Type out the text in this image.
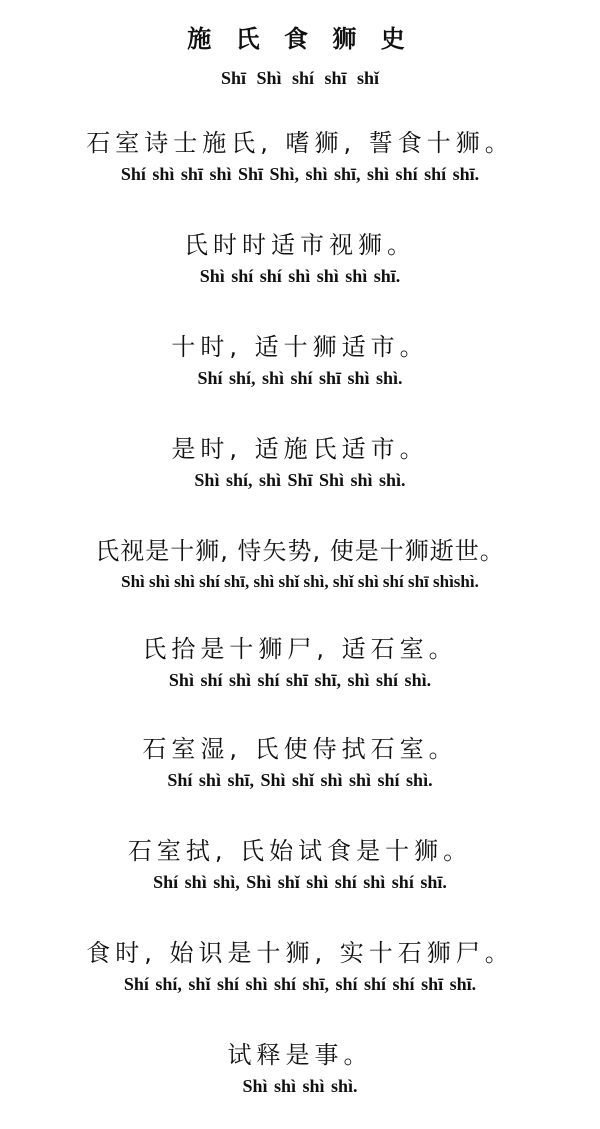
施 氏 食 狮 史
Shī Shì shí shī shǐ
石室诗士施氏, 嗜狮, 誓食十狮。
Shí shì shī shì Shī Shì, shì shī, shì shí shí shī.
氏时时适市视狮。
Shì shí shí shì shì shì shī.
十时, 适十狮适市。
Shí shí, shì shí shī shì shì.
是时, 适施氏适市。
Shì shí, shì Shī Shì shì shì.
氏视是十狮, 恃矢势, 使是十狮逝世。
Shì shì shì shí shī, shì shǐ shì, shǐ shì shí shī shìshì.
氏拾是十狮尸, 适石室。
Shì shí shì shí shī shī, shì shí shì.
石室湿, 氏使侍拭石室。
Shí shì shī, Shì shǐ shì shì shí shì.
石室拭, 氏始试食是十狮。
Shí shì shì, Shì shǐ shì shí shì shí shī.
食时, 始识是十狮, 实十石狮尸。
Shí shí, shǐ shí shì shí shī, shí shí shí shī shī.
试释是事。
Shì shì shì shì.
